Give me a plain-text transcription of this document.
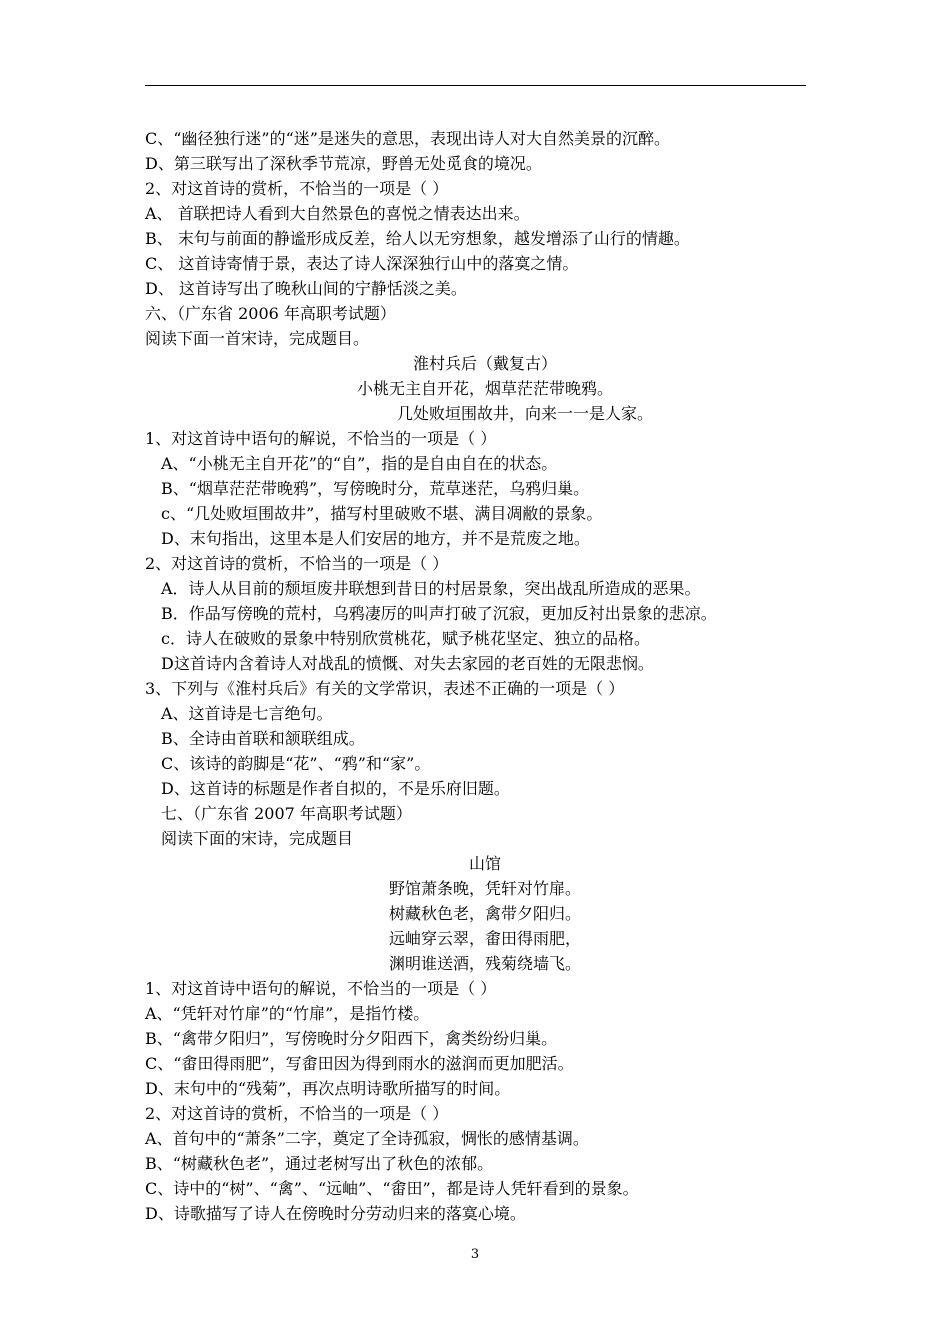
C、“幽径独行迷”的“迷”是迷失的意思，表现出诗人对大自然美景的沉醉。
D、第三联写出了深秋季节荒凉，野兽无处觅食的境况。
2、对这首诗的赏析，不恰当的一项是（ ）
A、 首联把诗人看到大自然景色的喜悦之情表达出来。
B、 末句与前面的静谧形成反差，给人以无穷想象，越发增添了山行的情趣。
C、 这首诗寄情于景，表达了诗人深深独行山中的落寞之情。
D、 这首诗写出了晚秋山间的宁静恬淡之美。
六、（广东省 2006 年高职考试题）
阅读下面一首宋诗，完成题目。
淮村兵后（戴复古）
小桃无主自开花，烟草茫茫带晚鸦。
几处败垣围故井，向来一一是人家。
1、对这首诗中语句的解说，不恰当的一项是（ ）
A、“小桃无主自开花”的“自”，指的是自由自在的状态。
B、“烟草茫茫带晚鸦”，写傍晚时分，荒草迷茫，乌鸦归巢。
c、“几处败垣围故井”，描写村里破败不堪、满目凋敝的景象。
D、末句指出，这里本是人们安居的地方，并不是荒废之地。
2、对这首诗的赏析，不恰当的一项是（ ）
A．诗人从目前的颓垣废井联想到昔日的村居景象，突出战乱所造成的恶果。
B．作品写傍晚的荒村，乌鸦凄厉的叫声打破了沉寂，更加反衬出景象的悲凉。
c．诗人在破败的景象中特别欣赏桃花，赋予桃花坚定、独立的品格。
D这首诗内含着诗人对战乱的愤慨、对失去家园的老百姓的无限悲悯。
3、下列与《淮村兵后》有关的文学常识，表述不正确的一项是（ ）
A、这首诗是七言绝句。
B、全诗由首联和颔联组成。
C、该诗的韵脚是“花”、“鸦”和“家”。
D、这首诗的标题是作者自拟的，不是乐府旧题。
七、（广东省 2007 年高职考试题）
阅读下面的宋诗，完成题目
山馆
野馆萧条晚，凭轩对竹扉。
树藏秋色老，禽带夕阳归。
远岫穿云翠，畬田得雨肥，
渊明谁送酒，残菊绕墙飞。
1、对这首诗中语句的解说，不恰当的一项是（ ）
A、“凭轩对竹扉”的“竹扉”，是指竹楼。
B、“禽带夕阳归”，写傍晚时分夕阳西下，禽类纷纷归巢。
C、“畬田得雨肥”，写畬田因为得到雨水的滋润而更加肥活。
D、末句中的“残菊”，再次点明诗歌所描写的时间。
2、对这首诗的赏析，不恰当的一项是（ ）
A、首句中的“萧条”二字，奠定了全诗孤寂，惆怅的感情基调。
B、“树藏秋色老”，通过老树写出了秋色的浓郁。
C、诗中的“树”、“禽”、“远岫”、“畬田”，都是诗人凭轩看到的景象。
D、诗歌描写了诗人在傍晚时分劳动归来的落寞心境。
3
